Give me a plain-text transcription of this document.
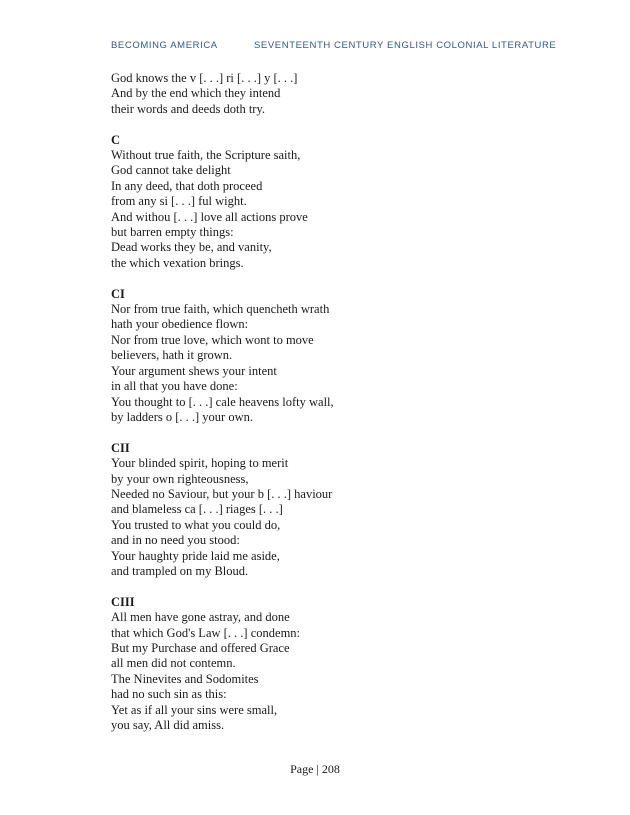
BECOMING AMERICA	SEVENTEENTH CENTURY ENGLISH COLONIAL LITERATURE
God knows the v [. . .] ri [. . .] y [. . .]
And by the end which they intend
their words and deeds doth try.
C
Without true faith, the Scripture saith,
God cannot take delight
In any deed, that doth proceed
from any si [. . .] ful wight.
And withou [. . .] love all actions prove
but barren empty things:
Dead works they be, and vanity,
the which vexation brings.
CI
Nor from true faith, which quencheth wrath
hath your obedience flown:
Nor from true love, which wont to move
believers, hath it grown.
Your argument shews your intent
in all that you have done:
You thought to [. . .] cale heavens lofty wall,
by ladders o [. . .] your own.
CII
Your blinded spirit, hoping to merit
by your own righteousness,
Needed no Saviour, but your b [. . .] haviour
and blameless ca [. . .] riages [. . .]
You trusted to what you could do,
and in no need you stood:
Your haughty pride laid me aside,
and trampled on my Bloud.
CIII
All men have gone astray, and done
that which God's Law [. . .] condemn:
But my Purchase and offered Grace
all men did not contemn.
The Ninevites and Sodomites
had no such sin as this:
Yet as if all your sins were small,
you say, All did amiss.
Page | 208
